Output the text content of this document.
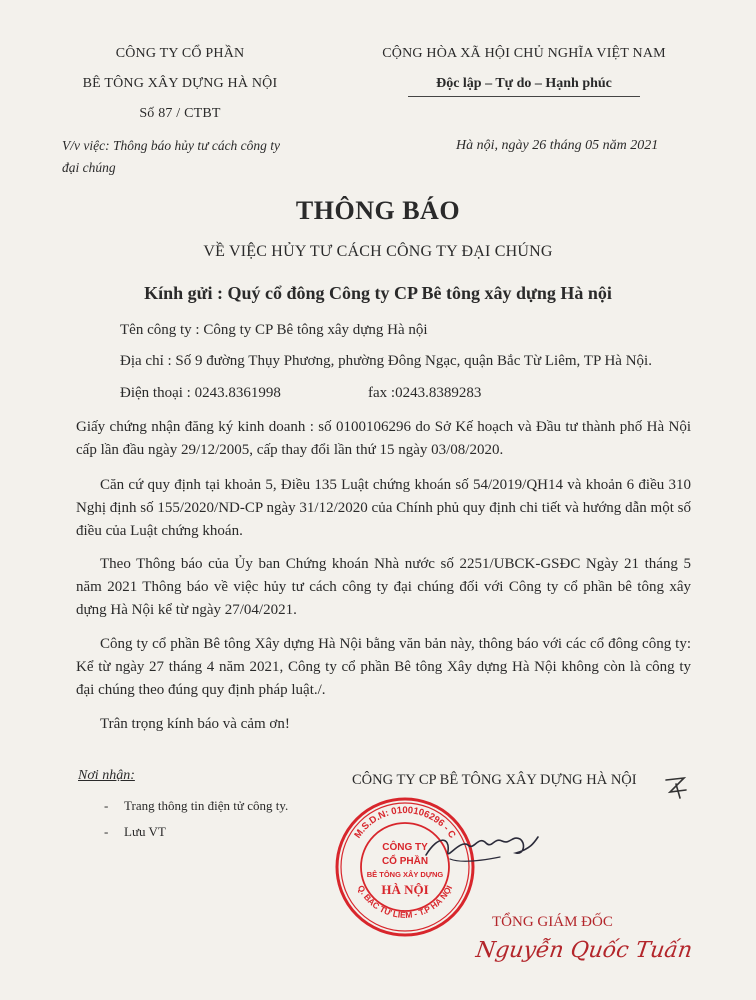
CÔNG TY CỔ PHẦN
BÊ TÔNG XÂY DỰNG HÀ NỘI
Số 87 / CTBT
V/v việc: Thông báo hủy tư cách công ty
đại chúng
CỘNG HÒA XÃ HỘI CHỦ NGHĨA VIỆT NAM
Độc lập – Tự do – Hạnh phúc
Hà nội, ngày 26 tháng 05 năm 2021
THÔNG BÁO
VỀ VIỆC HỦY TƯ CÁCH CÔNG TY ĐẠI CHÚNG
Kính gửi : Quý cổ đông Công ty CP Bê tông xây dựng Hà nội
Tên công ty : Công ty CP Bê tông xây dựng Hà nội
Địa chỉ : Số 9 đường Thụy Phương, phường Đông Ngạc, quận Bắc Từ Liêm, TP Hà Nội.
Điện thoại : 0243.8361998	fax :0243.8389283
Giấy chứng nhận đăng ký kinh doanh : số 0100106296 do Sở Kế hoạch và Đầu tư thành phố Hà Nội cấp lần đầu ngày 29/12/2005, cấp thay đổi lần thứ 15 ngày 03/08/2020.
Căn cứ quy định tại khoản 5, Điều 135 Luật chứng khoán số 54/2019/QH14 và khoản 6 điều 310 Nghị định số 155/2020/ND-CP ngày 31/12/2020 của Chính phủ quy định chi tiết và hướng dẫn một số điều của Luật chứng khoán.
Theo Thông báo của Ủy ban Chứng khoán Nhà nước số 2251/UBCK-GSĐC Ngày 21 tháng 5 năm 2021 Thông báo về việc hủy tư cách công ty đại chúng đối với Công ty cổ phần bê tông xây dựng Hà Nội kể từ ngày 27/04/2021.
Công ty cổ phần Bê tông Xây dựng Hà Nội bằng văn bản này, thông báo với các cổ đông công ty: Kể từ ngày 27 tháng 4 năm 2021, Công ty cổ phần Bê tông Xây dựng Hà Nội không còn là công ty đại chúng theo đúng quy định pháp luật./.
Trân trọng kính báo và cảm ơn!
Nơi nhận:
- Trang thông tin điện tử công ty.
- Lưu VT
CÔNG TY CP BÊ TÔNG XÂY DỰNG HÀ NỘI
M.S.D.N: 0100106296 - C
Q. BẮC TỪ LIÊM - T.P HÀ NỘI
CÔNG TY
CỔ PHẦN
BÊ TÔNG XÂY DỰNG
HÀ NỘI
TỔNG GIÁM ĐỐC
Nguyễn Quốc Tuấn
